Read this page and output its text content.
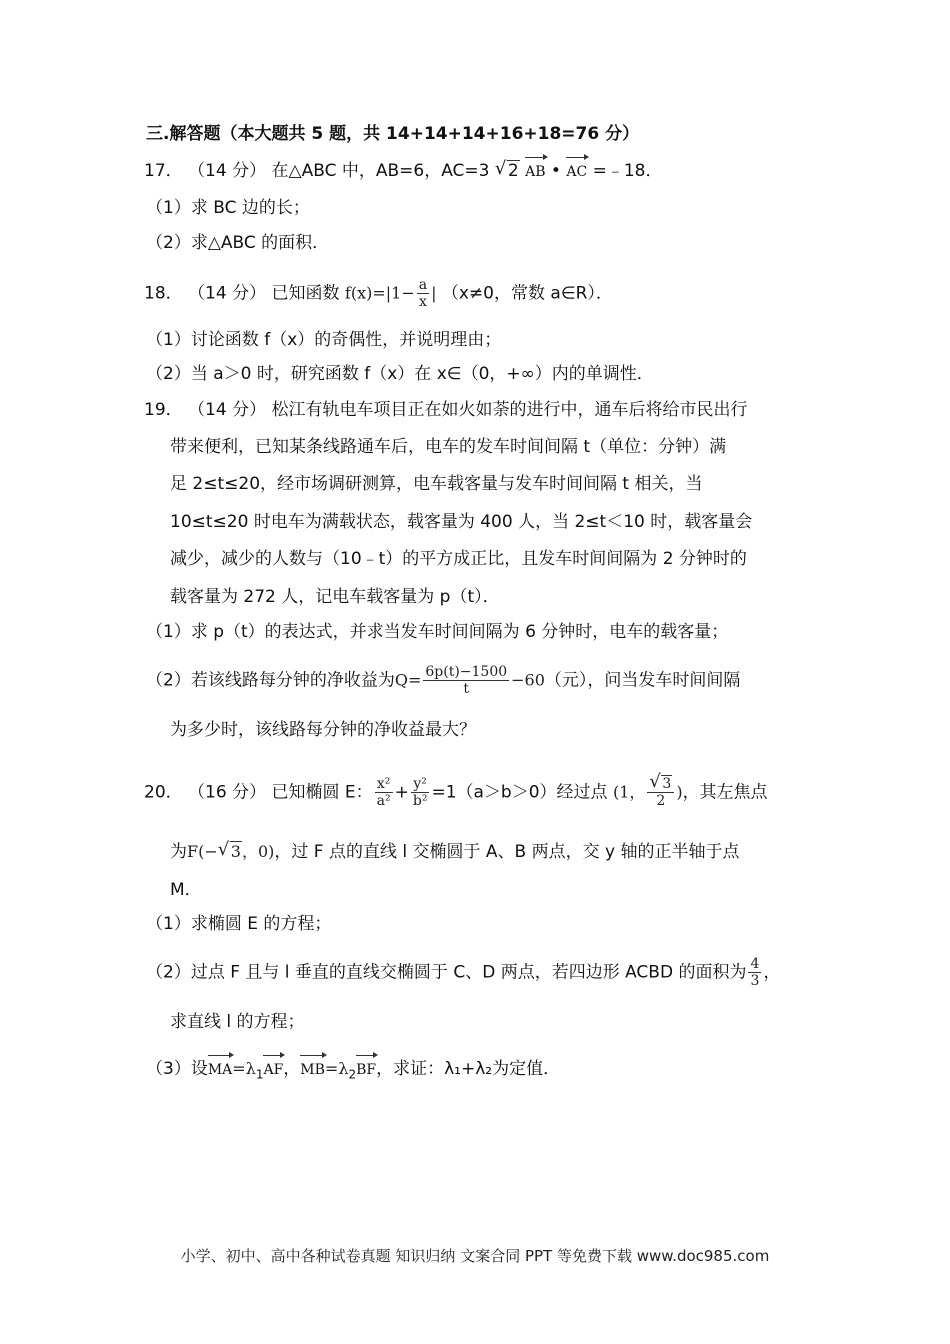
三.解答题（本大题共 5 题，共 14+14+14+16+18=76 分）
17． （14 分） 在△ABC 中，AB=6，AC=3 √ 2 AB • AC =﹣18．
（1）求 BC 边的长；
（2）求△ABC 的面积．
18． （14 分） 已知函数 $f(x)=|1- \frac{a}{x}$ | （x≠0，常数 a∈R）．
（1）讨论函数 f（x）的奇偶性，并说明理由；
（2）当 a＞0 时，研究函数 f（x）在 x∈（0，+∞）内的单调性．
19． （14 分） 松江有轨电车项目正在如火如荼的进行中，通车后将给市民出行
带来便利，已知某条线路通车后，电车的发车时间间隔 t（单位：分钟）满
足 2≤t≤20，经市场调研测算，电车载客量与发车时间间隔 t 相关，当
10≤t≤20 时电车为满载状态，载客量为 400 人，当 2≤t＜10 时，载客量会
减少，减少的人数与（10﹣t）的平方成正比，且发车时间间隔为 2 分钟时的
载客量为 272 人，记电车载客量为 p（t）．
（1）求 p（t）的表达式，并求当发车时间间隔为 6 分钟时，电车的载客量；
（2）若该线路每分钟的净收益为$Q= \frac{6p(t)-1500}{t} -60$（元），问当发车时间间隔
为多少时，该线路每分钟的净收益最大？
20． （16 分） 已知椭圆 E： $\frac{\text{x²}}{\text{a²}} + \frac{\text{y²}}{\text{b²}} =1(a>b>0)$经过点 (1， $\frac{√ 3}{2}$ )，其左焦点
为F(− √ 3，0)，过 F 点的直线 l 交椭圆于 A、B 两点，交 y 轴的正半轴于点
M．
（1）求椭圆 E 的方程；
（2）过点 F 且与 l 垂直的直线交椭圆于 C、D 两点，若四边形 ACBD 的面积为 $\frac{4}{3}$ ，
求直线 l 的方程；
（3）设$MA=\lambda_1AF$，$MB=\lambda_2BF$，求证：λ₁+λ₂为定值．
小学、初中、高中各种试卷真题 知识归纳 文案合同 PPT 等免费下载 www.doc985.com
